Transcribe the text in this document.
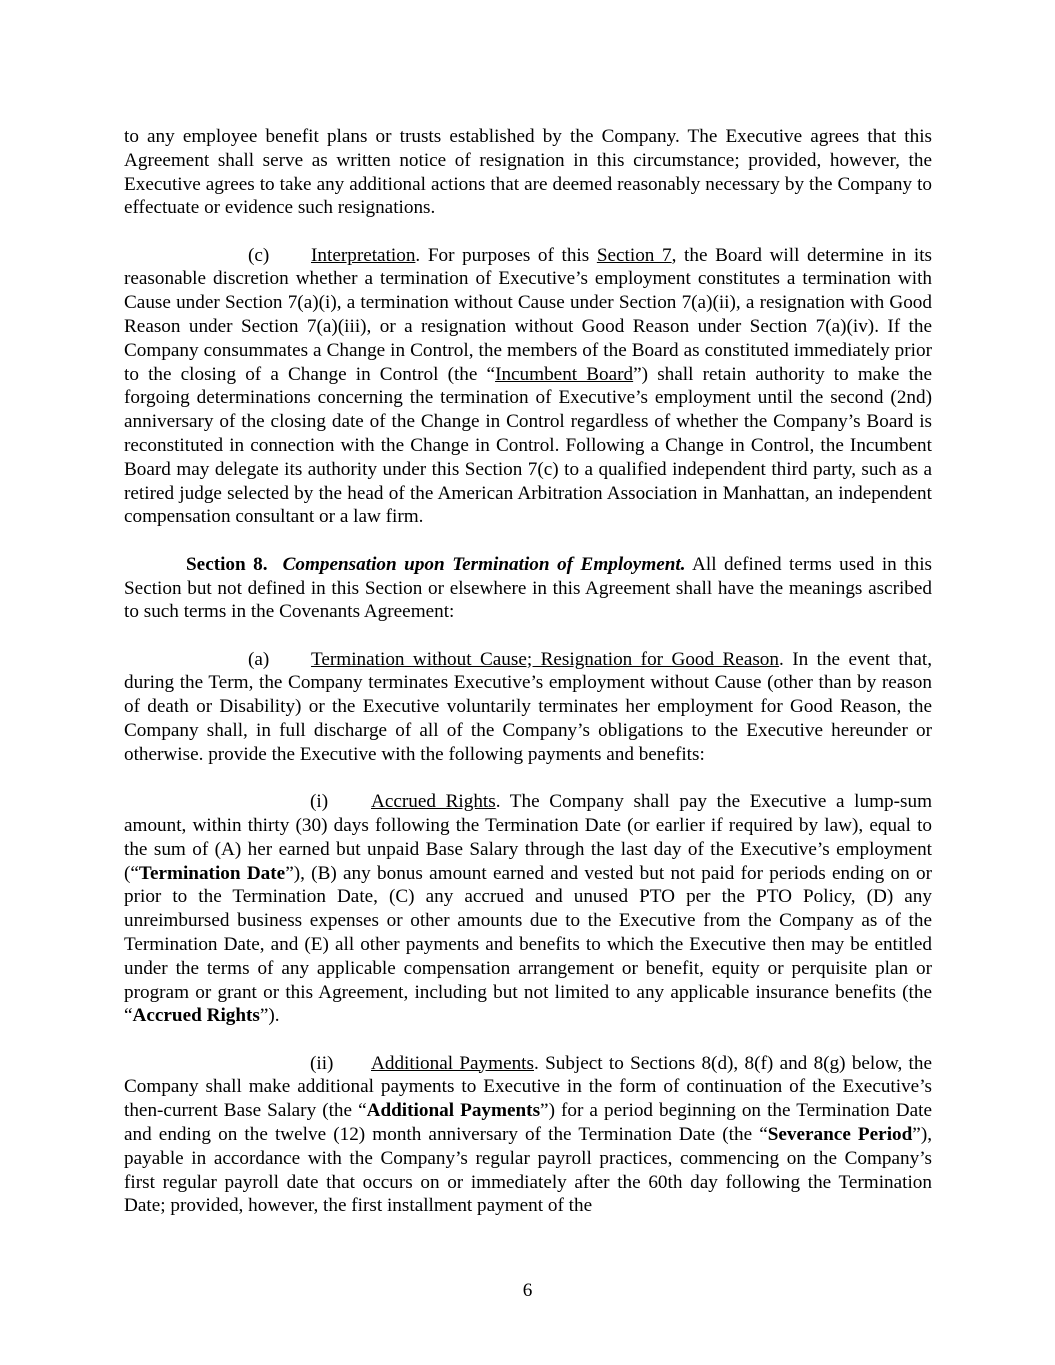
to any employee benefit plans or trusts established by the Company. The Executive agrees that this Agreement shall serve as written notice of resignation in this circumstance; provided, however, the Executive agrees to take any additional actions that are deemed reasonably necessary by the Company to effectuate or evidence such resignations.

(c) Interpretation. For purposes of this Section 7, the Board will determine in its reasonable discretion whether a termination of Executive’s employment constitutes a termination with Cause under Section 7(a)(i), a termination without Cause under Section 7(a)(ii), a resignation with Good Reason under Section 7(a)(iii), or a resignation without Good Reason under Section 7(a)(iv). If the Company consummates a Change in Control, the members of the Board as constituted immediately prior to the closing of a Change in Control (the “Incumbent Board”) shall retain authority to make the forgoing determinations concerning the termination of Executive’s employment until the second (2nd) anniversary of the closing date of the Change in Control regardless of whether the Company’s Board is reconstituted in connection with the Change in Control. Following a Change in Control, the Incumbent Board may delegate its authority under this Section 7(c) to a qualified independent third party, such as a retired judge selected by the head of the American Arbitration Association in Manhattan, an independent compensation consultant or a law firm.

Section 8. Compensation upon Termination of Employment. All defined terms used in this Section but not defined in this Section or elsewhere in this Agreement shall have the meanings ascribed to such terms in the Covenants Agreement:

(a) Termination without Cause; Resignation for Good Reason. In the event that, during the Term, the Company terminates Executive’s employment without Cause (other than by reason of death or Disability) or the Executive voluntarily terminates her employment for Good Reason, the Company shall, in full discharge of all of the Company’s obligations to the Executive hereunder or otherwise. provide the Executive with the following payments and benefits:

(i) Accrued Rights. The Company shall pay the Executive a lump-sum amount, within thirty (30) days following the Termination Date (or earlier if required by law), equal to the sum of (A) her earned but unpaid Base Salary through the last day of the Executive’s employment (“Termination Date”), (B) any bonus amount earned and vested but not paid for periods ending on or prior to the Termination Date, (C) any accrued and unused PTO per the PTO Policy, (D) any unreimbursed business expenses or other amounts due to the Executive from the Company as of the Termination Date, and (E) all other payments and benefits to which the Executive then may be entitled under the terms of any applicable compensation arrangement or benefit, equity or perquisite plan or program or grant or this Agreement, including but not limited to any applicable insurance benefits (the “Accrued Rights”).

(ii) Additional Payments. Subject to Sections 8(d), 8(f) and 8(g) below, the Company shall make additional payments to Executive in the form of continuation of the Executive’s then-current Base Salary (the “Additional Payments”) for a period beginning on the Termination Date and ending on the twelve (12) month anniversary of the Termination Date (the “Severance Period”), payable in accordance with the Company’s regular payroll practices, commencing on the Company’s first regular payroll date that occurs on or immediately after the 60th day following the Termination Date; provided, however, the first installment payment of the

6
